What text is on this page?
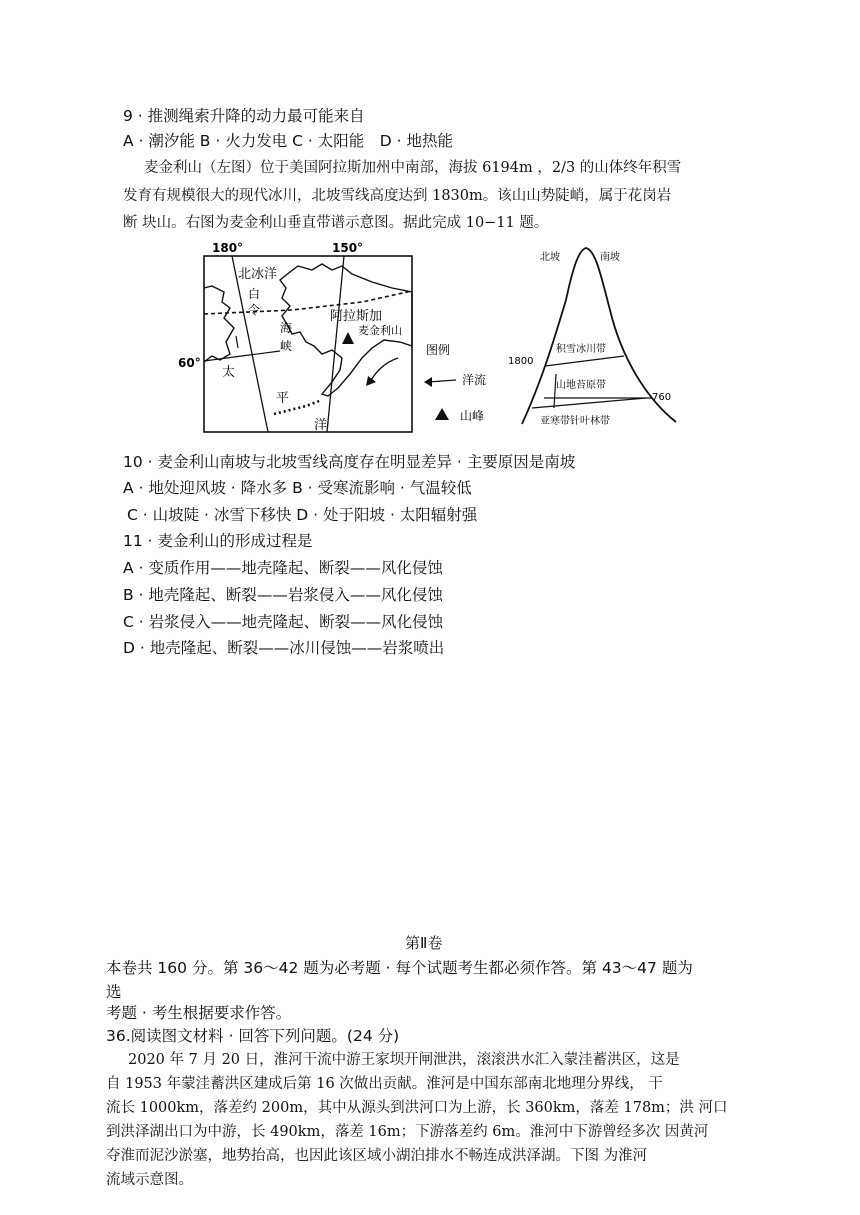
9 · 推测绳索升降的动力最可能来自
A · 潮汐能 B · 火力发电 C · 太阳能　D · 地热能
麦金利山（左图）位于美国阿拉斯加州中南部，海拔 6194m ，2/3 的山体终年积雪
发育有规模很大的现代冰川，北坡雪线高度达到 1830m。该山山势陡峭，属于花岗岩
断 块山。右图为麦金利山垂直带谱示意图。据此完成 10−11 题。
180°	150°
60°
北冰洋
白
令
海
峡
阿拉斯加
麦金利山
太
平
洋
图例
洋流
山峰
北坡	南坡
1800
760
积雪冰川带
山地苔原带
亚寒带针叶林带
10 · 麦金利山南坡与北坡雪线高度存在明显差异 · 主要原因是南坡
A · 地处迎风坡 · 降水多 B · 受寒流影响 · 气温较低
C · 山坡陡 · 冰雪下移快 D · 处于阳坡 · 太阳辐射强
11 · 麦金利山的形成过程是
A · 变质作用——地壳隆起、断裂——风化侵蚀
B · 地壳隆起、断裂——岩浆侵入——风化侵蚀
C · 岩浆侵入——地壳隆起、断裂——风化侵蚀
D · 地壳隆起、断裂——冰川侵蚀——岩浆喷出
第Ⅱ卷
本卷共 160 分。第 36～42 题为必考题 · 每个试题考生都必须作答。第 43～47 题为
选
考题 · 考生根据要求作答。
36.阅读图文材料 · 回答下列问题。(24 分)
2020 年 7 月 20 日，淮河干流中游王家坝开闸泄洪，滚滚洪水汇入蒙洼蓄洪区，这是
自 1953 年蒙洼蓄洪区建成后第 16 次做出贡献。淮河是中国东部南北地理分界线， 干
流长 1000km，落差约 200m，其中从源头到洪河口为上游，长 360km，落差 178m；洪 河口
到洪泽湖出口为中游，长 490km，落差 16m；下游落差约 6m。淮河中下游曾经多次 因黄河
夺淮而泥沙淤塞，地势抬高，也因此该区域小湖泊排水不畅连成洪泽湖。下图 为淮河
流域示意图。
